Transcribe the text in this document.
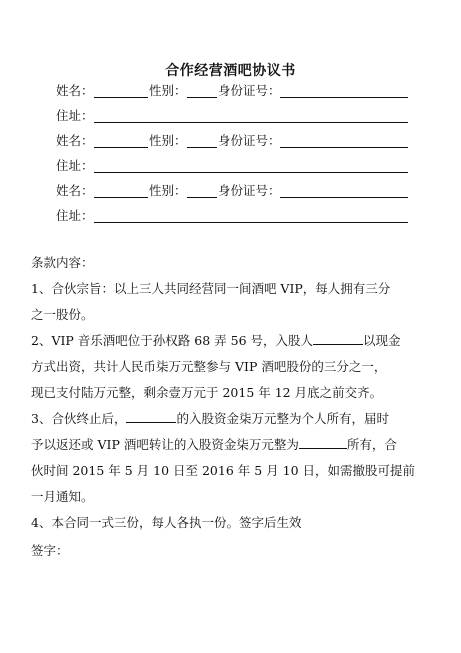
合作经营酒吧协议书
姓名：	性别：	身份证号：
住址：
姓名：	性别：	身份证号：
住址：
姓名：	性别：	身份证号：
住址：
条款内容：
1、合伙宗旨：以上三人共同经营同一间酒吧 VIP，每人拥有三分
之一股份。
2、VIP 音乐酒吧位于孙权路 68 弄 56 号，入股人	以现金
方式出资，共计人民币柒万元整参与 VIP 酒吧股份的三分之一，
现已支付陆万元整，剩余壹万元于 2015 年 12 月底之前交齐。
3、合伙终止后，	的入股资金柒万元整为个人所有，届时
予以返还或 VIP 酒吧转让的入股资金柒万元整为	所有，合
伙时间 2015 年 5 月 10 日至 2016 年 5 月 10 日，如需撤股可提前
一月通知。
4、本合同一式三份，每人各执一份。签字后生效
签字：
